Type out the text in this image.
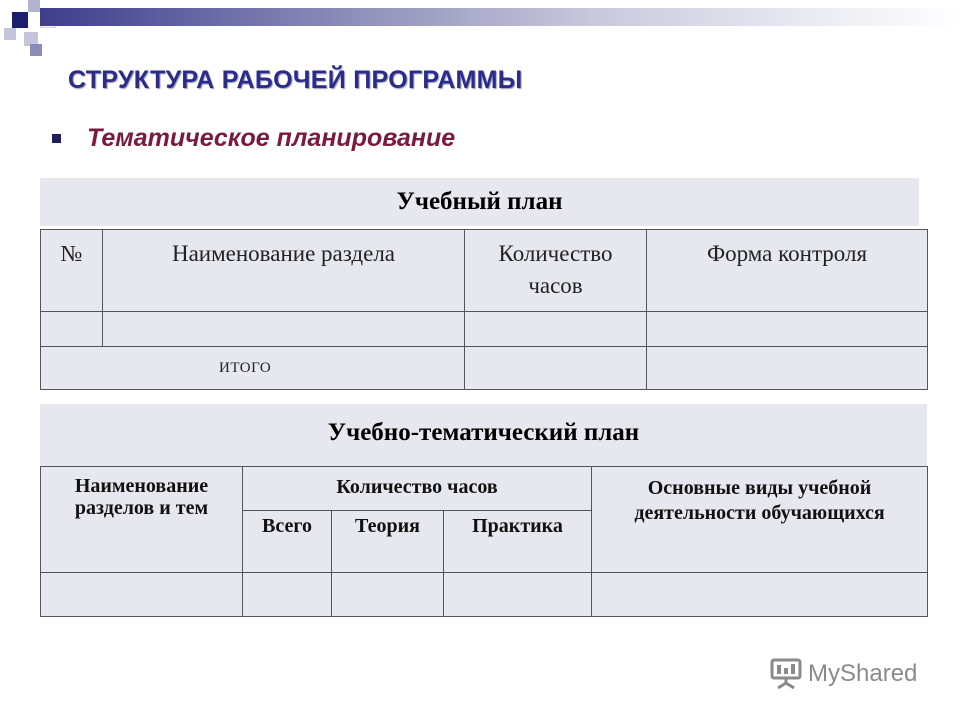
СТРУКТУРА РАБОЧЕЙ ПРОГРАММЫ
Тематическое планирование
Учебный план
№	Наименование раздела	Количество часов	Форма контроля

ИТОГО			
Учебно-тематический план
Наименование разделов и тем	Количество часов			Основные виды учебной деятельности обучающихся
	Всего	Теория	Практика	

MyShared
